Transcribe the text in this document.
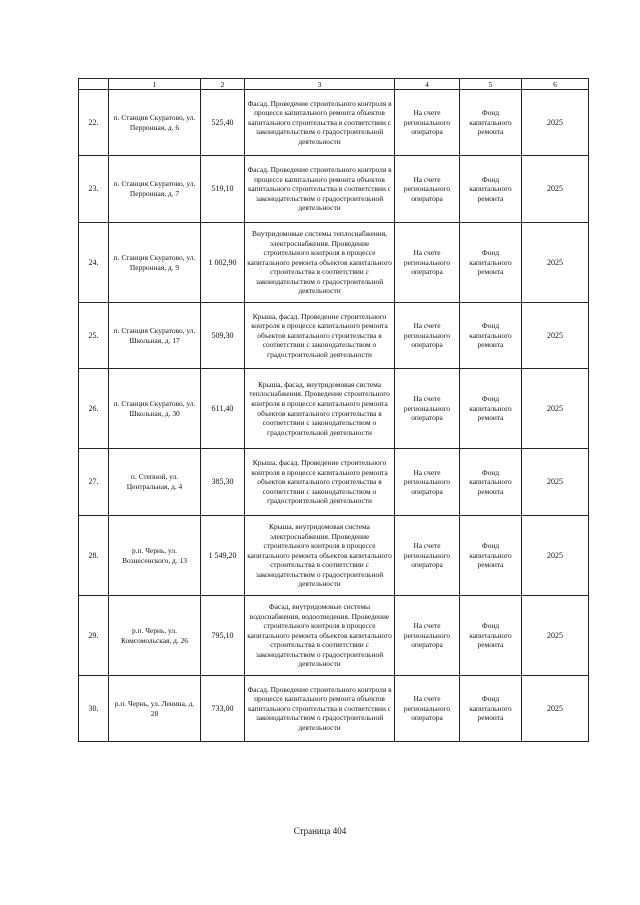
	1	2	3	4	5	6
22.	п. Станция Скуратово, ул. Перронная, д. 6	525,40	Фасад. Проведение строительного контроля в процессе капитального ремонта объектов капитального строительства в соответствии с законодательством о градостроительной деятельности	На счете регионального оператора	Фонд капитального ремонта	2025
23.	п. Станция Скуратово, ул. Перронная, д. 7	519,10	Фасад. Проведение строительного контроля в процессе капитального ремонта объектов капитального строительства в соответствии с законодательством о градостроительной деятельности	На счете регионального оператора	Фонд капитального ремонта	2025
24.	п. Станция Скуратово, ул. Перронная, д. 9	1 002,90	Внутридомовые системы теплоснабжения, электроснабжения. Проведение строительного контроля в процессе капитального ремонта объектов капитального строительства в соответствии с законодательством о градостроительной деятельности	На счете регионального оператора	Фонд капитального ремонта	2025
25.	п. Станция Скуратово, ул. Школьная, д. 17	509,30	Крыша, фасад. Проведение строительного контроля в процессе капитального ремонта объектов капитального строительства в соответствии с законодательством о градостроительной деятельности	На счете регионального оператора	Фонд капитального ремонта	2025
26.	п. Станция Скуратово, ул. Школьная, д. 30	611,40	Крыша, фасад, внутридомовая система теплоснабжения. Проведение строительного контроля в процессе капитального ремонта объектов капитального строительства в соответствии с законодательством о градостроительной деятельности	На счете регионального оператора	Фонд капитального ремонта	2025
27.	п. Степной, ул. Центральная, д. 4	385,30	Крыша, фасад. Проведение строительного контроля в процессе капитального ремонта объектов капитального строительства в соответствии с законодательством о градостроительной деятельности	На счете регионального оператора	Фонд капитального ремонта	2025
28.	р.п. Чернь, ул. Вознесенского, д. 13	1 549,20	Крыша, внутридомовая система электроснабжения. Проведение строительного контроля в процессе капитального ремонта объектов капитального строительства в соответствии с законодательством о градостроительной деятельности	На счете регионального оператора	Фонд капитального ремонта	2025
29.	р.п. Чернь, ул. Комсомольская, д. 26	795,10	Фасад, внутридомовые системы водоснабжения, водоотведения. Проведение строительного контроля в процессе капитального ремонта объектов капитального строительства в соответствии с законодательством о градостроительной деятельности	На счете регионального оператора	Фонд капитального ремонта	2025
30.	р.п. Чернь, ул. Ленина, д. 28	733,00	Фасад. Проведение строительного контроля в процессе капитального ремонта объектов капитального строительства в соответствии с законодательством о градостроительной деятельности	На счете регионального оператора	Фонд капитального ремонта	2025
Страница 404
